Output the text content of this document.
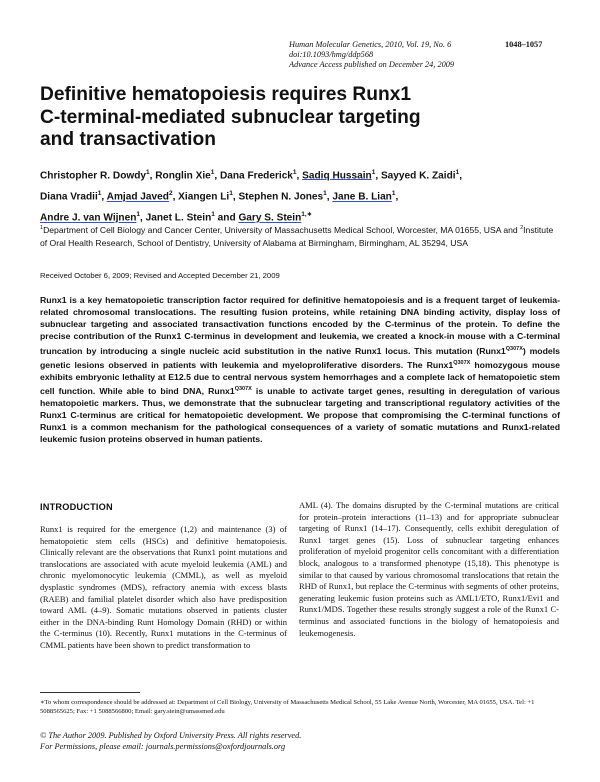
Human Molecular Genetics, 2010, Vol. 19, No. 6	1048–1057
doi:10.1093/hmg/ddp568
Advance Access published on December 24, 2009
Definitive hematopoiesis requires Runx1
C-terminal-mediated subnuclear targeting
and transactivation
Christopher R. Dowdy$^1$, Ronglin Xie$^1$, Dana Frederick$^1$, Sadiq Hussain$^1$, Sayyed K. Zaidi$^1$,
Diana Vradii$^1$, Amjad Javed$^2$, Xiangen Li$^1$, Stephen N. Jones$^1$, Jane B. Lian$^1$,
Andre J. van Wijnen$^1$, Janet L. Stein$^1$ and Gary S. Stein$^{1,∗}$
$^1$Department of Cell Biology and Cancer Center, University of Massachusetts Medical School, Worcester, MA 01655, USA and $^2$Institute of Oral Health Research, School of Dentistry, University of Alabama at Birmingham, Birmingham, AL 35294, USA
Received October 6, 2009; Revised and Accepted December 21, 2009
Runx1 is a key hematopoietic transcription factor required for definitive hematopoiesis and is a frequent target of leukemia-related chromosomal translocations. The resulting fusion proteins, while retaining DNA binding activity, display loss of subnuclear targeting and associated transactivation functions encoded by the C-terminus of the protein. To define the precise contribution of the Runx1 C-terminus in development and leukemia, we created a knock-in mouse with a C-terminal truncation by introducing a single nucleic acid substitution in the native Runx1 locus. This mutation $(Runx1^{Q307X})$ models genetic lesions observed in patients with leukemia and myeloproliferative disorders. The $Runx1^{Q307X}$ homozygous mouse exhibits embryonic lethality at E12.5 due to central nervous system hemorrhages and a complete lack of hematopoietic stem cell function. While able to bind DNA, $Runx1^{Q307X}$ is unable to activate target genes, resulting in deregulation of various hematopoietic markers. Thus, we demonstrate that the subnuclear targeting and transcriptional regulatory activities of the Runx1 C-terminus are critical for hematopoietic development. We propose that compromising the C-terminal functions of Runx1 is a common mechanism for the pathological consequences of a variety of somatic mutations and Runx1-related leukemic fusion proteins observed in human patients.
INTRODUCTION
Runx1 is required for the emergence (1,2) and maintenance (3) of hematopoietic stem cells (HSCs) and definitive hematopoiesis. Clinically relevant are the observations that Runx1 point mutations and translocations are associated with acute myeloid leukemia (AML) and chronic myelomonocytic leukemia (CMML), as well as myeloid dysplastic syndromes (MDS), refractory anemia with excess blasts (RAEB) and familial platelet disorder which also have predisposition toward AML (4–9). Somatic mutations observed in patients cluster either in the DNA-binding Runt Homology Domain (RHD) or within the C-terminus (10). Recently, Runx1 mutations in the C-terminus of CMML patients have been shown to predict transformation to
AML (4). The domains disrupted by the C-terminal mutations are critical for protein–protein interactions (11–13) and for appropriate subnuclear targeting of Runx1 (14–17). Consequently, cells exhibit deregulation of Runx1 target genes (15). Loss of subnuclear targeting enhances proliferation of myeloid progenitor cells concomitant with a differentiation block, analogous to a transformed phenotype (15,18). This phenotype is similar to that caused by various chromosomal translocations that retain the RHD of Runx1, but replace the C-terminus with segments of other proteins, generating leukemic fusion proteins such as AML1/ETO, Runx1/Evi1 and Runx1/MDS. Together these results strongly suggest a role of the Runx1 C-terminus and associated functions in the biology of hematopoiesis and leukemogenesis.
∗To whom correspondence should be addressed at: Department of Cell Biology, University of Massachusetts Medical School, 55 Lake Avenue North, Worcester, MA 01655, USA. Tel: +1 5088565625; Fax: +1 5088566800; Email: gary.stein@umassmed.edu
© The Author 2009. Published by Oxford University Press. All rights reserved.
For Permissions, please email: journals.permissions@oxfordjournals.org
